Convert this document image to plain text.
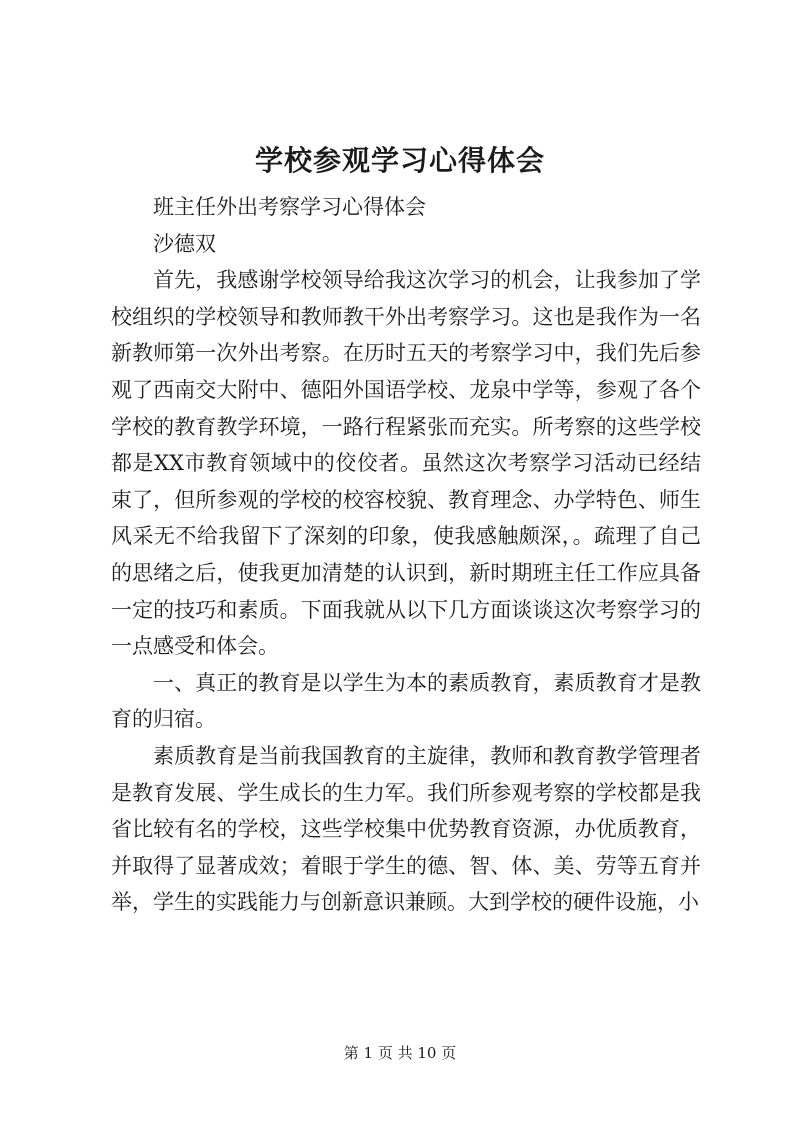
学校参观学习心得体会

班主任外出考察学习心得体会

沙德双

首先，我感谢学校领导给我这次学习的机会，让我参加了学校组织的学校领导和教师教干外出考察学习。这也是我作为一名新教师第一次外出考察。在历时五天的考察学习中，我们先后参观了西南交大附中、德阳外国语学校、龙泉中学等，参观了各个学校的教育教学环境，一路行程紧张而充实。所考察的这些学校都是XX市教育领域中的佼佼者。虽然这次考察学习活动已经结束了，但所参观的学校的校容校貌、教育理念、办学特色、师生风采无不给我留下了深刻的印象，使我感触颇深，。疏理了自己的思绪之后，使我更加清楚的认识到，新时期班主任工作应具备一定的技巧和素质。下面我就从以下几方面谈谈这次考察学习的一点感受和体会。

一、真正的教育是以学生为本的素质教育，素质教育才是教育的归宿。

素质教育是当前我国教育的主旋律，教师和教育教学管理者是教育发展、学生成长的生力军。我们所参观考察的学校都是我省比较有名的学校，这些学校集中优势教育资源，办优质教育，并取得了显著成效；着眼于学生的德、智、体、美、劳等五育并举，学生的实践能力与创新意识兼顾。大到学校的硬件设施，小

第 1 页 共 10 页
